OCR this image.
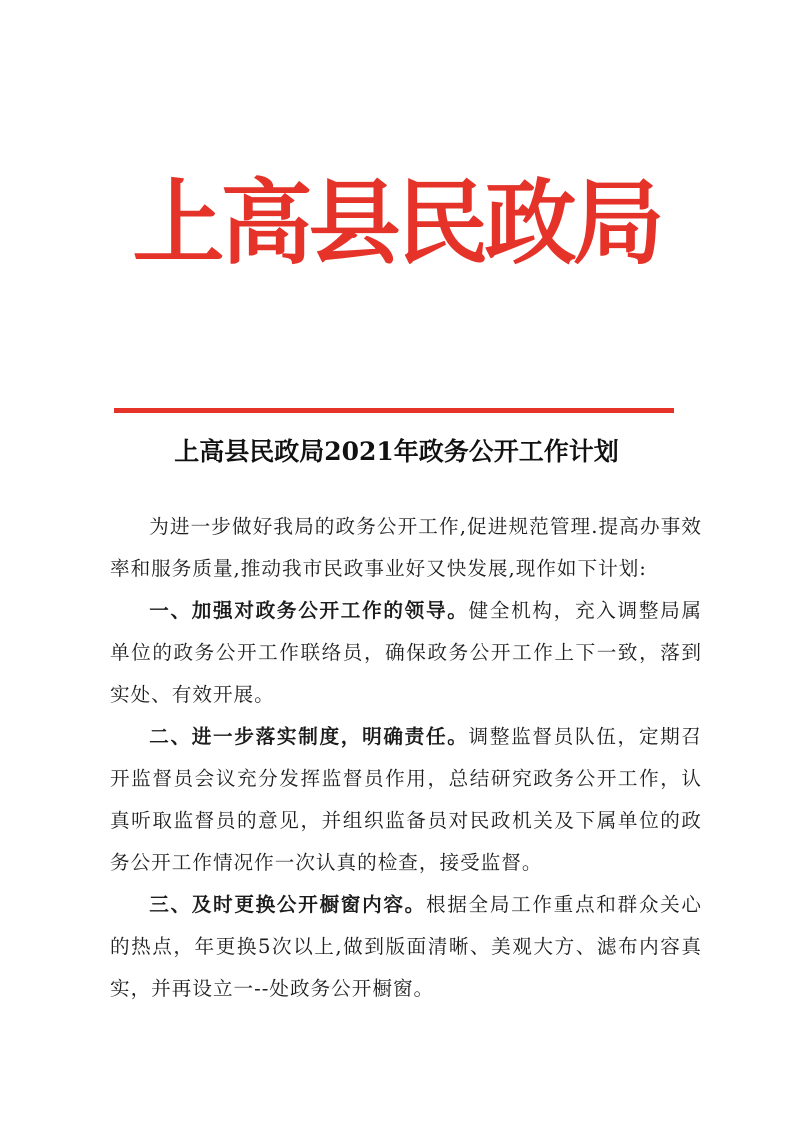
上高县民政局
上高县民政局2021年政务公开工作计划

为进一步做好我局的政务公开工作,促进规范管理.提高办事效率和服务质量,推动我市民政事业好又快发展,现作如下计划:

一、加强对政务公开工作的领导。健全机构，充入调整局属单位的政务公开工作联络员，确保政务公开工作上下一致，落到实处、有效开展。

二、进一步落实制度，明确责任。调整监督员队伍，定期召开监督员会议充分发挥监督员作用，总结研究政务公开工作，认真听取监督员的意见，并组织监备员对民政机关及下属单位的政务公开工作情况作一次认真的检查，接受监督。

三、及时更换公开橱窗内容。根据全局工作重点和群众关心的热点，年更换5次以上,做到版面清晰、美观大方、滤布内容真实，并再设立一--处政务公开橱窗。
